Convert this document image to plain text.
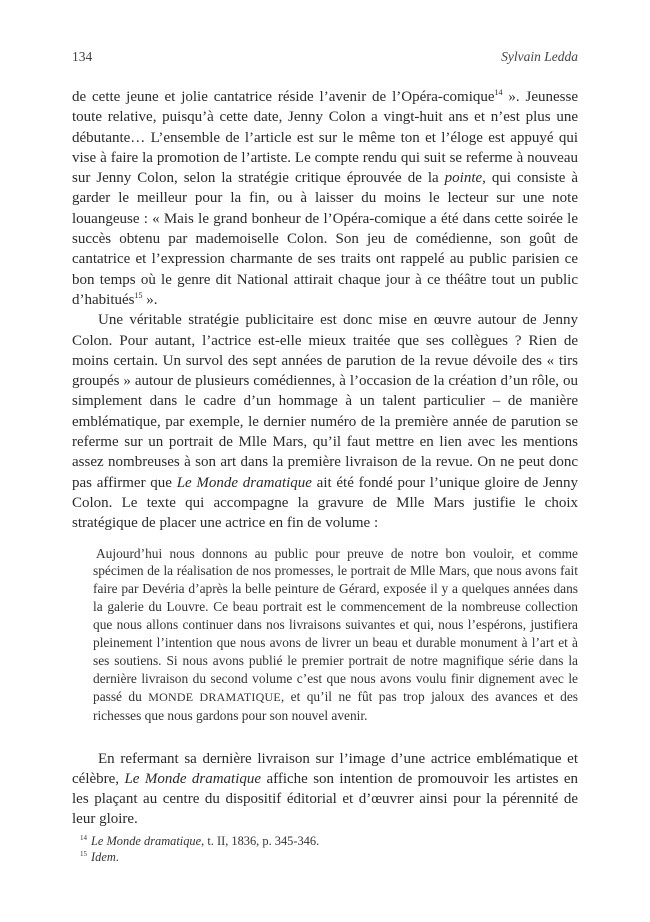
134	Sylvain Ledda

de cette jeune et jolie cantatrice réside l’avenir de l’Opéra-comique$^{14}$ ». Jeunesse toute relative, puisqu’à cette date, Jenny Colon a vingt-huit ans et n’est plus une débutante… L’ensemble de l’article est sur le même ton et l’éloge est appuyé qui vise à faire la promotion de l’artiste. Le compte rendu qui suit se referme à nouveau sur Jenny Colon, selon la stratégie critique éprouvée de la pointe, qui consiste à garder le meilleur pour la fin, ou à laisser du moins le lecteur sur une note louangeuse : « Mais le grand bonheur de l’Opéra-comique a été dans cette soirée le succès obtenu par mademoiselle Colon. Son jeu de comédienne, son goût de cantatrice et l’expression charmante de ses traits ont rappelé au public parisien ce bon temps où le genre dit National attirait chaque jour à ce théâtre tout un public d’habitués$^{15}$ ».

Une véritable stratégie publicitaire est donc mise en œuvre autour de Jenny Colon. Pour autant, l’actrice est-elle mieux traitée que ses collègues ? Rien de moins certain. Un survol des sept années de parution de la revue dévoile des « tirs groupés » autour de plusieurs comédiennes, à l’occasion de la création d’un rôle, ou simplement dans le cadre d’un hommage à un talent particulier – de manière emblématique, par exemple, le dernier numéro de la première année de parution se referme sur un portrait de Mlle Mars, qu’il faut mettre en lien avec les mentions assez nombreuses à son art dans la première livraison de la revue. On ne peut donc pas affirmer que Le Monde dramatique ait été fondé pour l’unique gloire de Jenny Colon. Le texte qui accompagne la gravure de Mlle Mars justifie le choix stratégique de placer une actrice en fin de volume :

Aujourd’hui nous donnons au public pour preuve de notre bon vouloir, et comme spécimen de la réalisation de nos promesses, le portrait de Mlle Mars, que nous avons fait faire par Devéria d’après la belle peinture de Gérard, exposée il y a quelques années dans la galerie du Louvre. Ce beau portrait est le commencement de la nombreuse collection que nous allons continuer dans nos livraisons suivantes et qui, nous l’espérons, justifiera pleinement l’intention que nous avons de livrer un beau et durable monument à l’art et à ses soutiens. Si nous avons publié le premier portrait de notre magnifique série dans la dernière livraison du second volume c’est que nous avons voulu finir dignement avec le passé du MONDE DRAMATIQUE, et qu’il ne fût pas trop jaloux des avances et des richesses que nous gardons pour son nouvel avenir.

En refermant sa dernière livraison sur l’image d’une actrice emblématique et célèbre, Le Monde dramatique affiche son intention de promouvoir les artistes en les plaçant au centre du dispositif éditorial et d’œuvrer ainsi pour la pérennité de leur gloire.

$^{14}$ Le Monde dramatique, t. II, 1836, p. 345-346.

$^{15}$ Idem.
